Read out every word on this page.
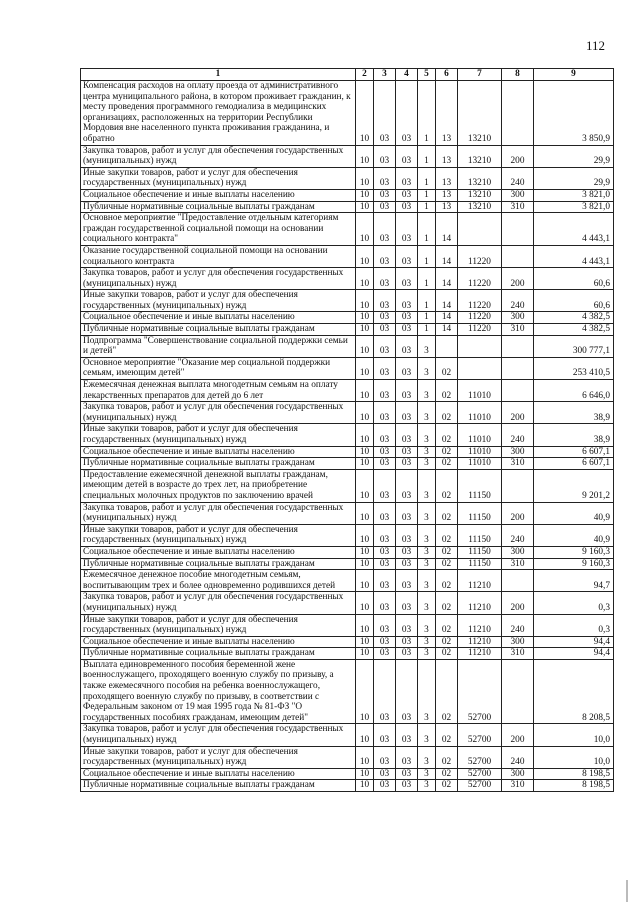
112
1	2	3	4	5	6	7	8	9
Компенсация расходов на оплату проезда от административного центра муниципального района, в котором проживает гражданин, к месту проведения программного гемодиализа в медицинских организациях, расположенных на территории Республики Мордовия вне населенного пункта проживания гражданина, и обратно	10	03	03	1	13	13210		3 850,9
Закупка товаров, работ и услуг для обеспечения государственных (муниципальных) нужд	10	03	03	1	13	13210	200	29,9
Иные закупки товаров, работ и услуг для обеспечения государственных (муниципальных) нужд	10	03	03	1	13	13210	240	29,9
Социальное обеспечение и иные выплаты населению	10	03	03	1	13	13210	300	3 821,0
Публичные нормативные социальные выплаты гражданам	10	03	03	1	13	13210	310	3 821,0
Основное мероприятие "Предоставление отдельным категориям граждан государственной социальной помощи на основании социального контракта"	10	03	03	1	14			4 443,1
Оказание государственной социальной помощи на основании социального контракта	10	03	03	1	14	11220		4 443,1
Закупка товаров, работ и услуг для обеспечения государственных (муниципальных) нужд	10	03	03	1	14	11220	200	60,6
Иные закупки товаров, работ и услуг для обеспечения государственных (муниципальных) нужд	10	03	03	1	14	11220	240	60,6
Социальное обеспечение и иные выплаты населению	10	03	03	1	14	11220	300	4 382,5
Публичные нормативные социальные выплаты гражданам	10	03	03	1	14	11220	310	4 382,5
Подпрограмма "Совершенствование социальной поддержки семьи и детей"	10	03	03	3				300 777,1
Основное мероприятие "Оказание мер социальной поддержки семьям, имеющим детей"	10	03	03	3	02			253 410,5
Ежемесячная денежная выплата многодетным семьям на оплату лекарственных препаратов для детей до 6 лет	10	03	03	3	02	11010		6 646,0
Закупка товаров, работ и услуг для обеспечения государственных (муниципальных) нужд	10	03	03	3	02	11010	200	38,9
Иные закупки товаров, работ и услуг для обеспечения государственных (муниципальных) нужд	10	03	03	3	02	11010	240	38,9
Социальное обеспечение и иные выплаты населению	10	03	03	3	02	11010	300	6 607,1
Публичные нормативные социальные выплаты гражданам	10	03	03	3	02	11010	310	6 607,1
Предоставление ежемесячной денежной выплаты гражданам, имеющим детей в возрасте до трех лет, на приобретение специальных молочных продуктов по заключению врачей	10	03	03	3	02	11150		9 201,2
Закупка товаров, работ и услуг для обеспечения государственных (муниципальных) нужд	10	03	03	3	02	11150	200	40,9
Иные закупки товаров, работ и услуг для обеспечения государственных (муниципальных) нужд	10	03	03	3	02	11150	240	40,9
Социальное обеспечение и иные выплаты населению	10	03	03	3	02	11150	300	9 160,3
Публичные нормативные социальные выплаты гражданам	10	03	03	3	02	11150	310	9 160,3
Ежемесячное денежное пособие многодетным семьям, воспитывающим трех и более одновременно родившихся детей	10	03	03	3	02	11210		94,7
Закупка товаров, работ и услуг для обеспечения государственных (муниципальных) нужд	10	03	03	3	02	11210	200	0,3
Иные закупки товаров, работ и услуг для обеспечения государственных (муниципальных) нужд	10	03	03	3	02	11210	240	0,3
Социальное обеспечение и иные выплаты населению	10	03	03	3	02	11210	300	94,4
Публичные нормативные социальные выплаты гражданам	10	03	03	3	02	11210	310	94,4
Выплата единовременного пособия беременной жене военнослужащего, проходящего военную службу по призыву, а также ежемесячного пособия на ребенка военнослужащего, проходящего военную службу по призыву, в соответствии с Федеральным законом от 19 мая 1995 года № 81-ФЗ "О государственных пособиях гражданам, имеющим детей"	10	03	03	3	02	52700		8 208,5
Закупка товаров, работ и услуг для обеспечения государственных (муниципальных) нужд	10	03	03	3	02	52700	200	10,0
Иные закупки товаров, работ и услуг для обеспечения государственных (муниципальных) нужд	10	03	03	3	02	52700	240	10,0
Социальное обеспечение и иные выплаты населению	10	03	03	3	02	52700	300	8 198,5
Публичные нормативные социальные выплаты гражданам	10	03	03	3	02	52700	310	8 198,5
